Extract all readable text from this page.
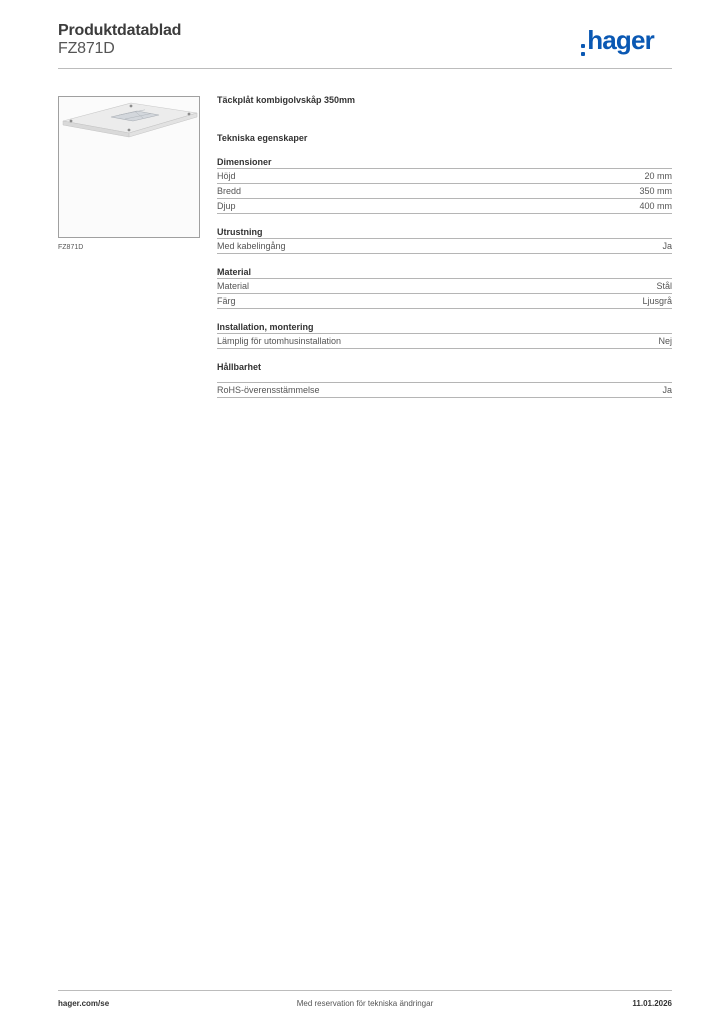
Produktdatablad
FZ871D	hager
FZ871D
Täckplåt kombigolvskåp 350mm
Tekniska egenskaper
Dimensioner
Höjd	20 mm
Bredd	350 mm
Djup	400 mm
Utrustning
Med kabelingång	Ja
Material
Material	Stål
Färg	Ljusgrå
Installation, montering
Lämplig för utomhusinstallation	Nej
Hållbarhet
RoHS-överensstämmelse	Ja
hager.com/se	Med reservation för tekniska ändringar	11.01.2026
